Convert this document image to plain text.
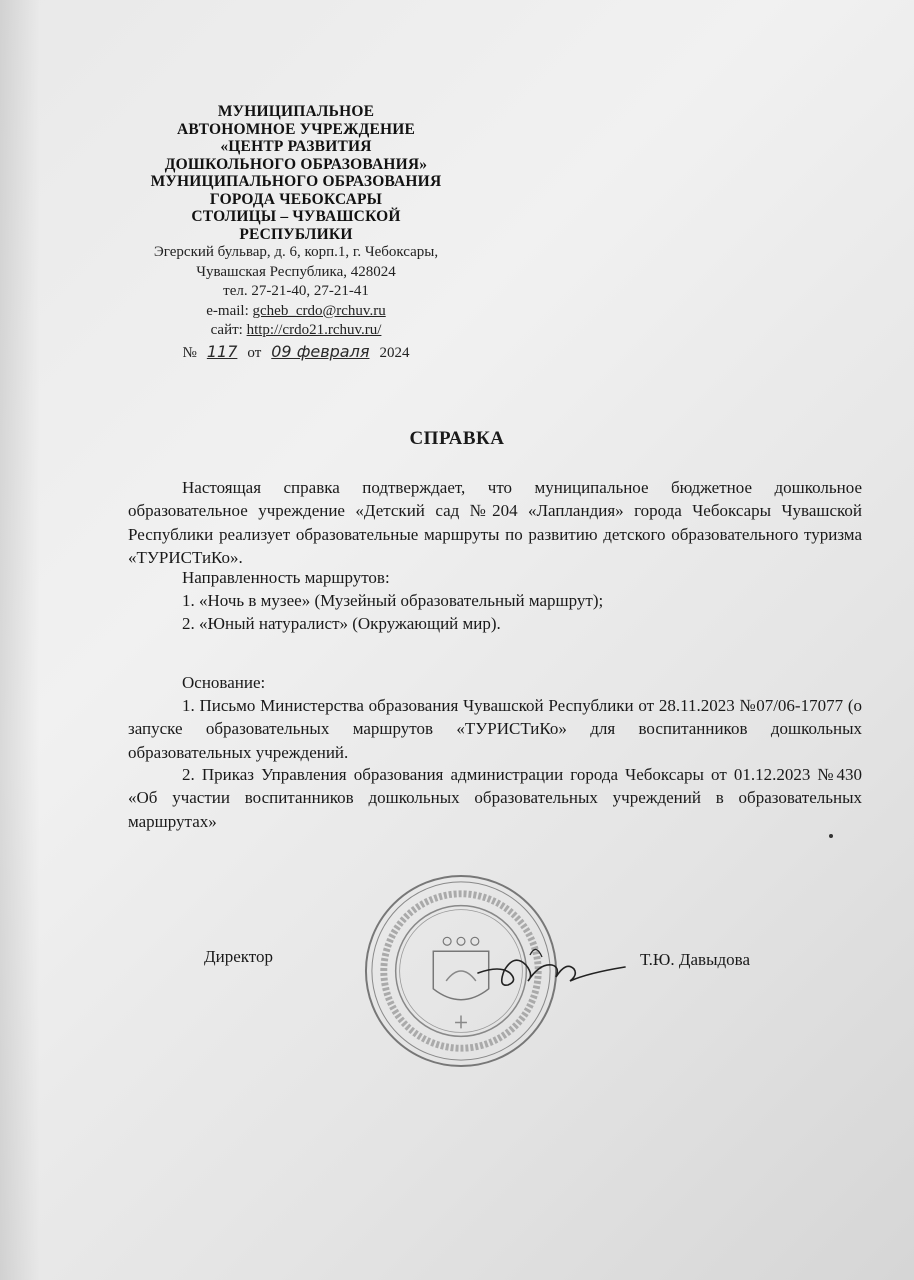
МУНИЦИПАЛЬНОЕ
АВТОНОМНОЕ УЧРЕЖДЕНИЕ
«ЦЕНТР РАЗВИТИЯ
ДОШКОЛЬНОГО ОБРАЗОВАНИЯ»
МУНИЦИПАЛЬНОГО ОБРАЗОВАНИЯ
ГОРОДА ЧЕБОКСАРЫ
СТОЛИЦЫ – ЧУВАШСКОЙ
РЕСПУБЛИКИ
Эгерский бульвар, д. 6, корп.1, г. Чебоксары,
Чувашская Республика, 428024
тел. 27-21-40, 27-21-41
e-mail: gcheb_crdo@rchuv.ru
сайт: http://crdo21.rchuv.ru/
№ 117 от 09 февраля 2024
СПРАВКА
Настоящая справка подтверждает, что муниципальное бюджетное дошкольное образовательное учреждение «Детский сад №204 «Лапландия» города Чебоксары Чувашской Республики реализует образовательные маршруты по развитию детского образовательного туризма «ТУРИСТиКо».
Направленность маршрутов:
1. «Ночь в музее» (Музейный образовательный маршрут);
2. «Юный натуралист» (Окружающий мир).
Основание:
1. Письмо Министерства образования Чувашской Республики от 28.11.2023 №07/06-17077 (о запуске образовательных маршрутов «ТУРИСТиКо» для воспитанников дошкольных образовательных учреждений.
2. Приказ Управления образования администрации города Чебоксары от 01.12.2023 №430 «Об участии воспитанников дошкольных образовательных учреждений в образовательных маршрутах»
Директор	Т.Ю. Давыдова
